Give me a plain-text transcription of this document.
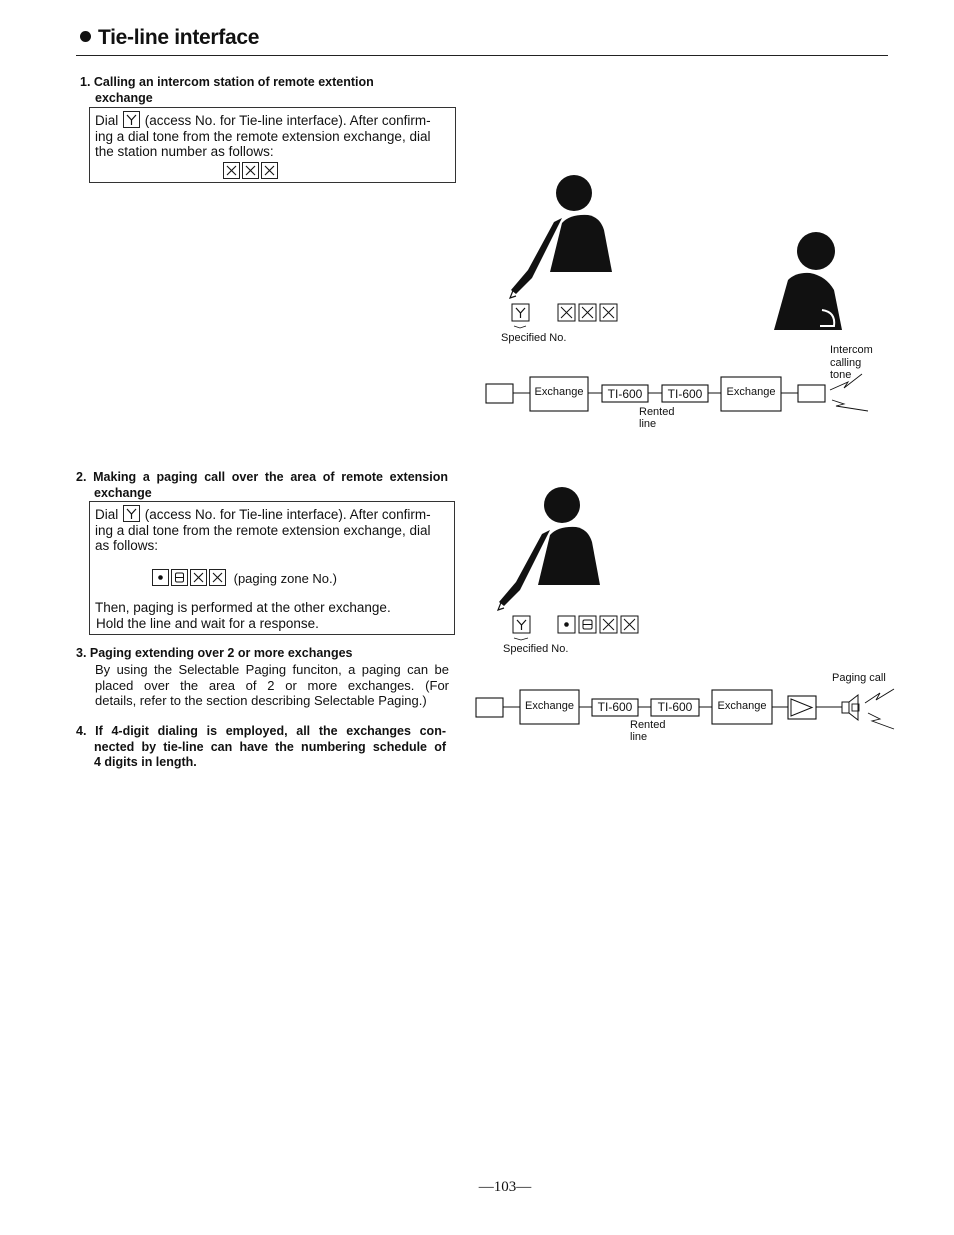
Tie-line interface
1. Calling an intercom station of remote extention
exchange
Dial (access No. for Tie-line interface). After confirm-
ing a dial tone from the remote extension exchange, dial
the station number as follows:
2. Making a paging call over the area of remote extension
exchange
Dial (access No. for Tie-line interface). After confirm-
ing a dial tone from the remote extension exchange, dial
as follows:
(paging zone No.)
Then, paging is performed at the other exchange.
Hold the line and wait for a response.
3. Paging extending over 2 or more exchanges
By using the Selectable Paging funciton, a paging can be
placed over the area of 2 or more exchanges. (For
details, refer to the section describing Selectable Paging.)
4. If 4-digit dialing is employed, all the exchanges con-
nected by tie-line can have the numbering schedule of
4 digits in length.
Specified No.
Intercom
calling
tone
Exchange	TI-600	TI-600	Exchange
Rented
line
Specified No.
Paging call
Exchange	TI-600	TI-600	Exchange
Rented
line
—103—
